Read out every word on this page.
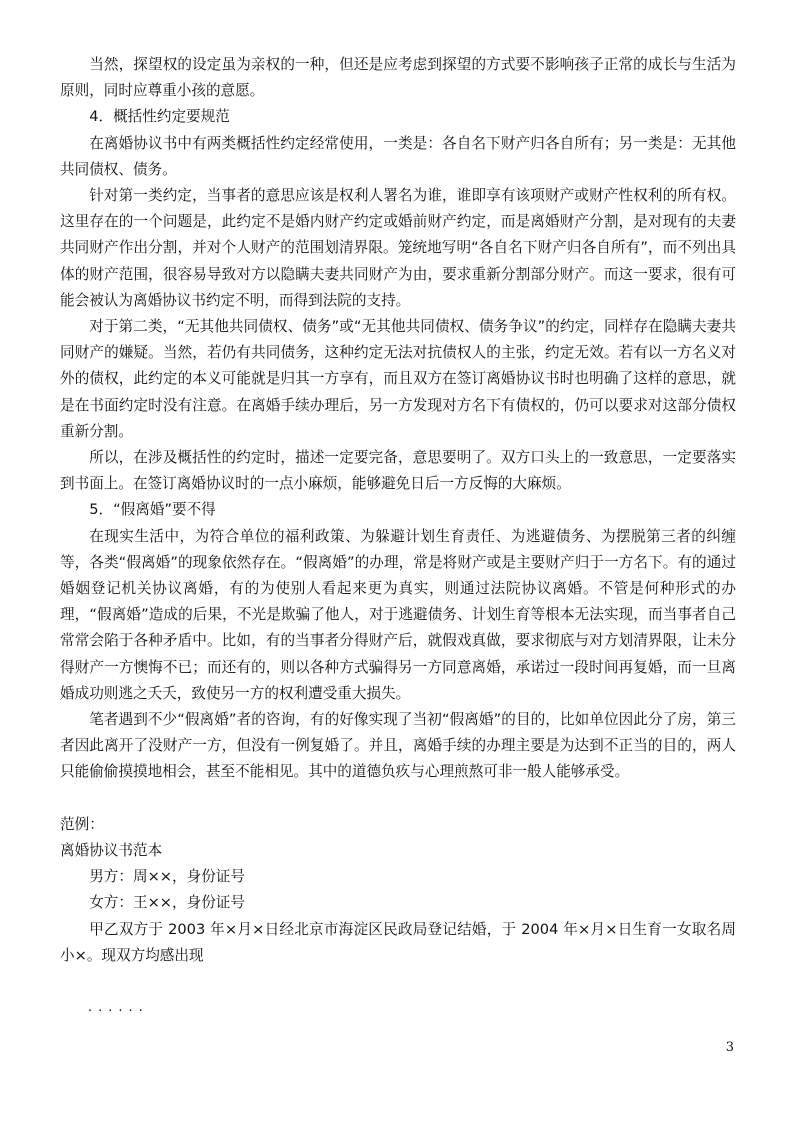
当然，探望权的设定虽为亲权的一种，但还是应考虑到探望的方式要不影响孩子正常的成长与生活为原则，同时应尊重小孩的意愿。

4．概括性约定要规范

在离婚协议书中有两类概括性约定经常使用，一类是：各自名下财产归各自所有；另一类是：无其他共同债权、债务。

针对第一类约定，当事者的意思应该是权利人署名为谁，谁即享有该项财产或财产性权利的所有权。这里存在的一个问题是，此约定不是婚内财产约定或婚前财产约定，而是离婚财产分割，是对现有的夫妻共同财产作出分割，并对个人财产的范围划清界限。笼统地写明“各自名下财产归各自所有”，而不列出具体的财产范围，很容易导致对方以隐瞒夫妻共同财产为由，要求重新分割部分财产。而这一要求，很有可能会被认为离婚协议书约定不明，而得到法院的支持。

对于第二类，“无其他共同债权、债务”或“无其他共同债权、债务争议”的约定，同样存在隐瞒夫妻共同财产的嫌疑。当然，若仍有共同债务，这种约定无法对抗债权人的主张，约定无效。若有以一方名义对外的债权，此约定的本义可能就是归其一方享有，而且双方在签订离婚协议书时也明确了这样的意思，就是在书面约定时没有注意。在离婚手续办理后，另一方发现对方名下有债权的，仍可以要求对这部分债权重新分割。

所以，在涉及概括性的约定时，描述一定要完备，意思要明了。双方口头上的一致意思，一定要落实到书面上。在签订离婚协议时的一点小麻烦，能够避免日后一方反悔的大麻烦。

5．“假离婚”要不得

在现实生活中，为符合单位的福利政策、为躲避计划生育责任、为逃避债务、为摆脱第三者的纠缠等，各类“假离婚”的现象依然存在。“假离婚”的办理，常是将财产或是主要财产归于一方名下。有的通过婚姻登记机关协议离婚，有的为使别人看起来更为真实，则通过法院协议离婚。不管是何种形式的办理，“假离婚”造成的后果，不光是欺骗了他人，对于逃避债务、计划生育等根本无法实现，而当事者自己常常会陷于各种矛盾中。比如，有的当事者分得财产后，就假戏真做，要求彻底与对方划清界限，让未分得财产一方懊悔不已；而还有的，则以各种方式骗得另一方同意离婚，承诺过一段时间再复婚，而一旦离婚成功则逃之夭夭，致使另一方的权利遭受重大损失。

笔者遇到不少“假离婚”者的咨询，有的好像实现了当初“假离婚”的目的，比如单位因此分了房，第三者因此离开了没财产一方，但没有一例复婚了。并且，离婚手续的办理主要是为达到不正当的目的，两人只能偷偷摸摸地相会，甚至不能相见。其中的道德负疚与心理煎熬可非一般人能够承受。

范例：

离婚协议书范本

男方：周××，身份证号

女方：王××，身份证号

甲乙双方于 2003 年×月×日经北京市海淀区民政局登记结婚，于 2004 年×月×日生育一女取名周小×。现双方均感出现

······

3
